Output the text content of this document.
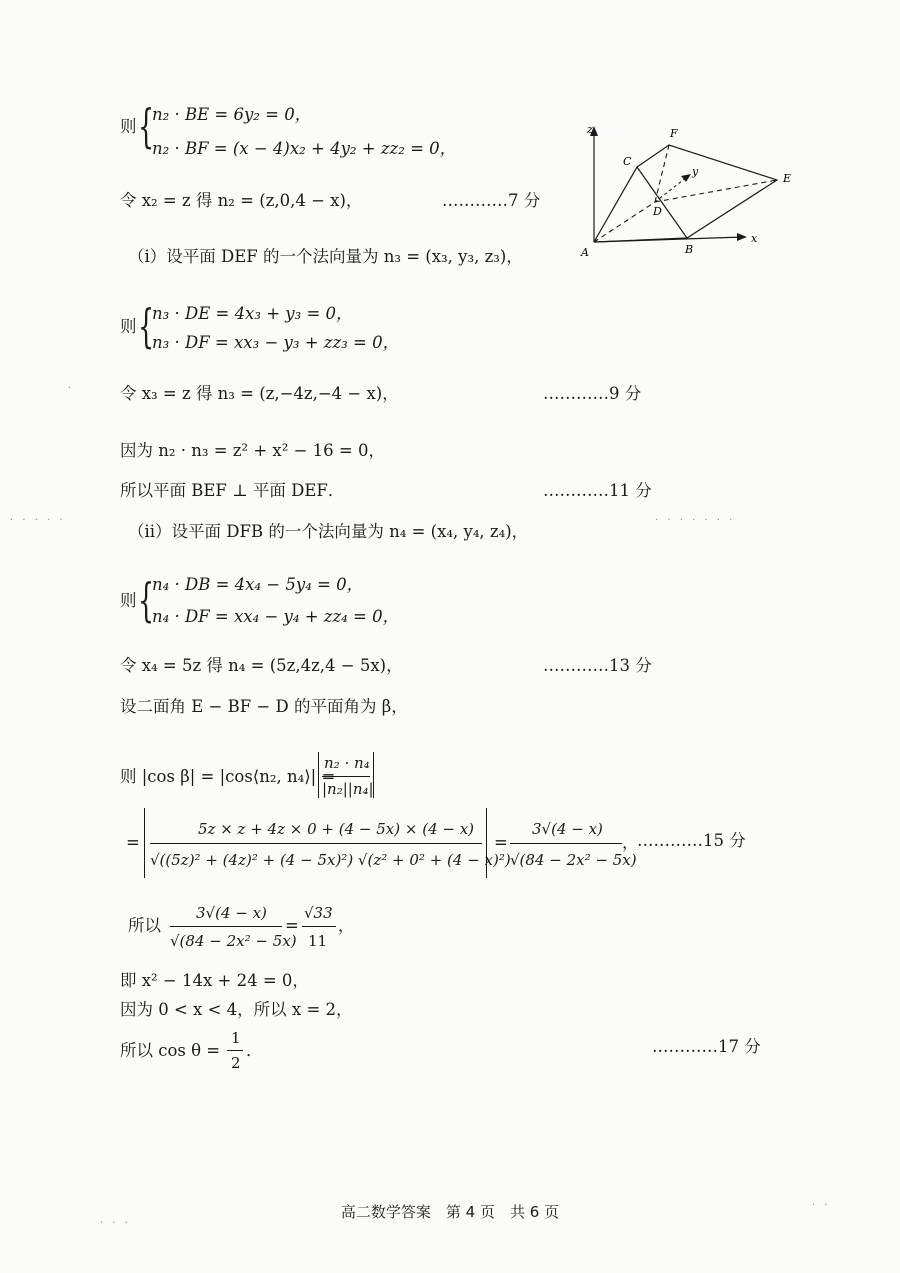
则 {
n₂ · BE = 6y₂ = 0，
n₂ · BF = (x − 4)x₂ + 4y₂ + zz₂ = 0，
令 x₂ = z 得 n₂ = (z,0,4 − x)，	…………7 分
z	F
C
y
D
E
A	B
x
（ⅰ）设平面 DEF 的一个法向量为 n₃ = (x₃, y₃, z₃)，
则 {
n₃ · DE = 4x₃ + y₃ = 0，
n₃ · DF = xx₃ − y₃ + zz₃ = 0，
令 x₃ = z 得 n₃ = (z,−4z,−4 − x)，	…………9 分
因为 n₂ · n₃ = z² + x² − 16 = 0，
所以平面 BEF ⊥ 平面 DEF．	…………11 分
· · · · ·	· · · · · · ·
（ⅱ）设平面 DFB 的一个法向量为 n₄ = (x₄, y₄, z₄)，
则 {
n₄ · DB = 4x₄ − 5y₄ = 0，
n₄ · DF = xx₄ − y₄ + zz₄ = 0，
令 x₄ = 5z 得 n₄ = (5z,4z,4 − 5x)，	…………13 分
设二面角 E − BF − D 的平面角为 β，
则 |cos β| = |cos⟨n₂, n₄⟩| =
n₂ · n₄
|n₂||n₄|
=
5z × z + 4z × 0 + (4 − 5x) × (4 − x)
√((5z)² + (4z)² + (4 − 5x)²) √(z² + 0² + (4 − x)²)
=
3√(4 − x)
√(84 − 2x² − 5x)
，
…………15 分
所以
3√(4 − x)
√(84 − 2x² − 5x)
=
√33
11
，
即 x² − 14x + 24 = 0，
因为 0 < x < 4，所以 x = 2，
所以 cos θ =
1
2
．	…………17 分
·
· · ·
· ·
高二数学答案　第 4 页　共 6 页
